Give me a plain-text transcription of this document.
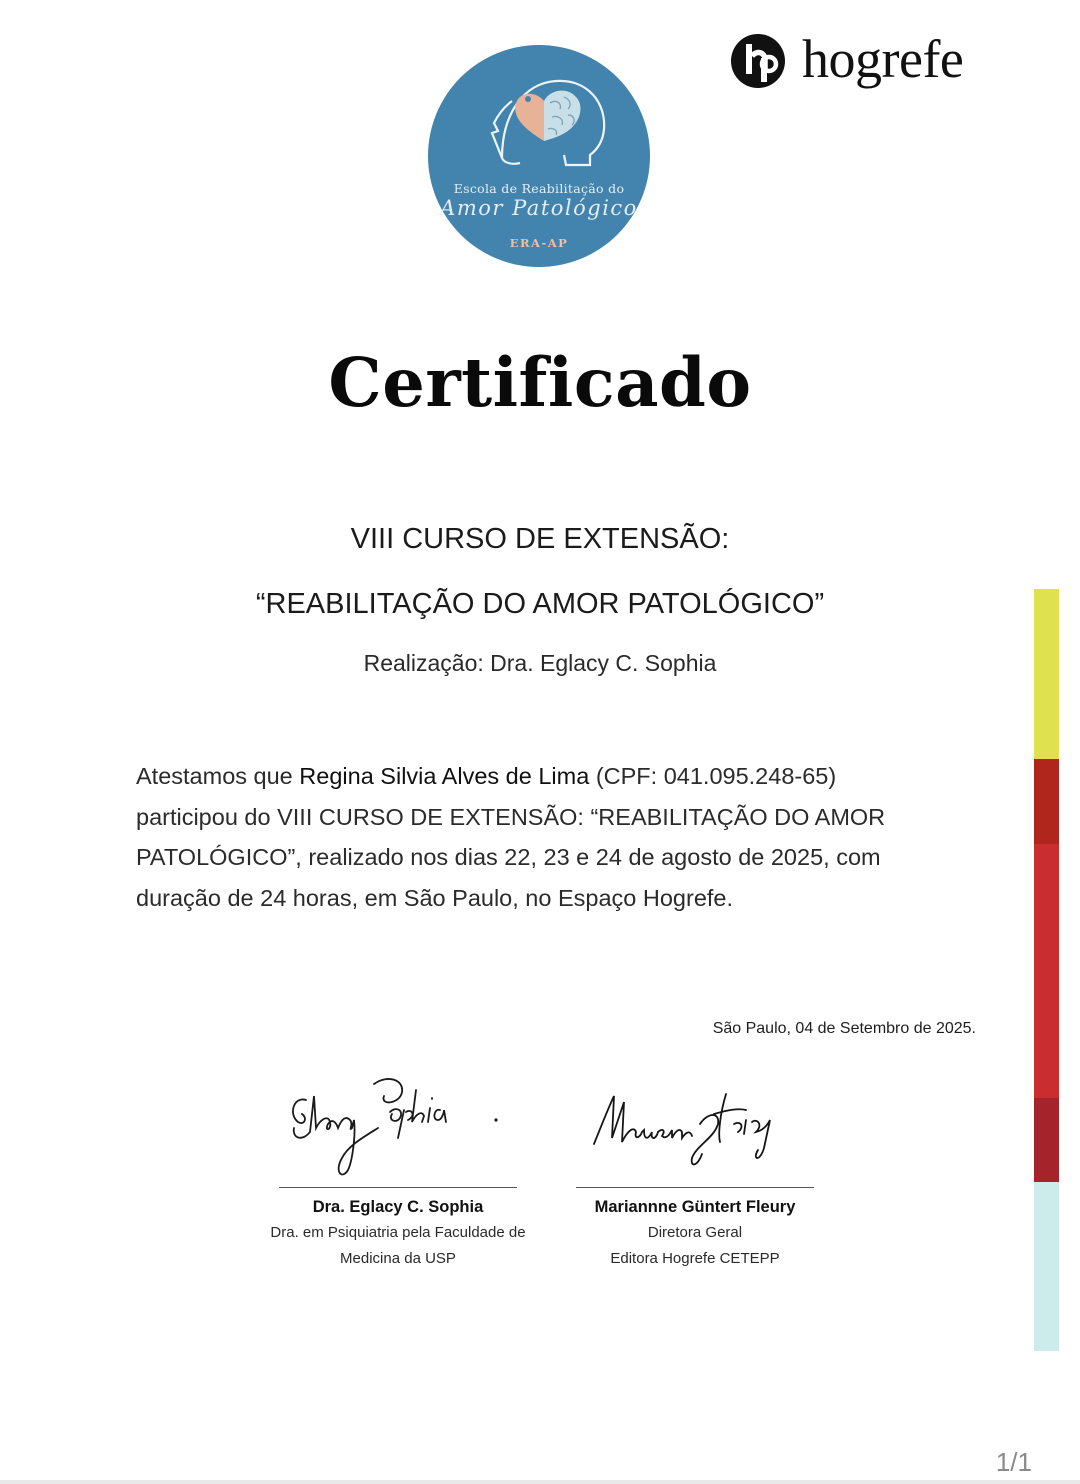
Escola de Reabilitação do
Amor Patológico
ERA-AP
hogrefe
Certificado
VIII CURSO DE EXTENSÃO:
“REABILITAÇÃO DO AMOR PATOLÓGICO”
Realização: Dra. Eglacy C. Sophia
Atestamos que Regina Silvia Alves de Lima (CPF: 041.095.248-65)
participou do VIII CURSO DE EXTENSÃO: “REABILITAÇÃO DO AMOR
PATOLÓGICO”, realizado nos dias 22, 23 e 24 de agosto de 2025, com
duração de 24 horas, em São Paulo, no Espaço Hogrefe.
São Paulo, 04 de Setembro de 2025.
Dra. Eglacy C. Sophia
Dra. em Psiquiatria pela Faculdade de
Medicina da USP
Mariannne Güntert Fleury
Diretora Geral
Editora Hogrefe CETEPP
1/1
